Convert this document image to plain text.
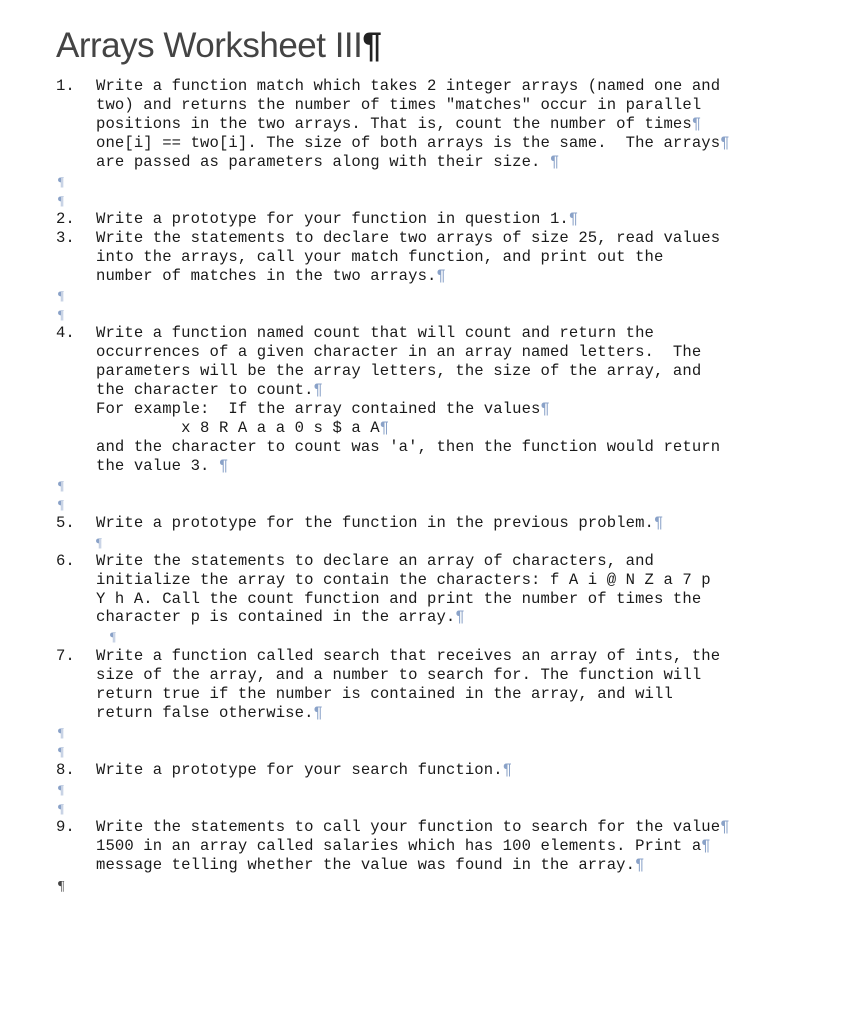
Arrays Worksheet III¶
1. Write a function match which takes 2 integer arrays (named one and
two) and returns the number of times "matches" occur in parallel
positions in the two arrays. That is, count the number of times¶
one[i] == two[i]. The size of both arrays is the same.  The arrays¶
are passed as parameters along with their size. ¶
¶
¶
2. Write a prototype for your function in question 1.¶
3. Write the statements to declare two arrays of size 25, read values
into the arrays, call your match function, and print out the
number of matches in the two arrays.¶
¶
¶
4. Write a function named count that will count and return the
occurrences of a given character in an array named letters.  The
parameters will be the array letters, the size of the array, and
the character to count.¶
For example:  If the array contained the values¶
x 8 R A a a 0 s $ a A¶
and the character to count was 'a', then the function would return
the value 3. ¶
¶
¶
5. Write a prototype for the function in the previous problem.¶
¶
6. Write the statements to declare an array of characters, and
initialize the array to contain the characters: f A i @ N Z a 7 p
Y h A. Call the count function and print the number of times the
character p is contained in the array.¶
¶
7. Write a function called search that receives an array of ints, the
size of the array, and a number to search for. The function will
return true if the number is contained in the array, and will
return false otherwise.¶
¶
¶
8. Write a prototype for your search function.¶
¶
¶
9. Write the statements to call your function to search for the value¶
1500 in an array called salaries which has 100 elements. Print a¶
message telling whether the value was found in the array.¶
¶
